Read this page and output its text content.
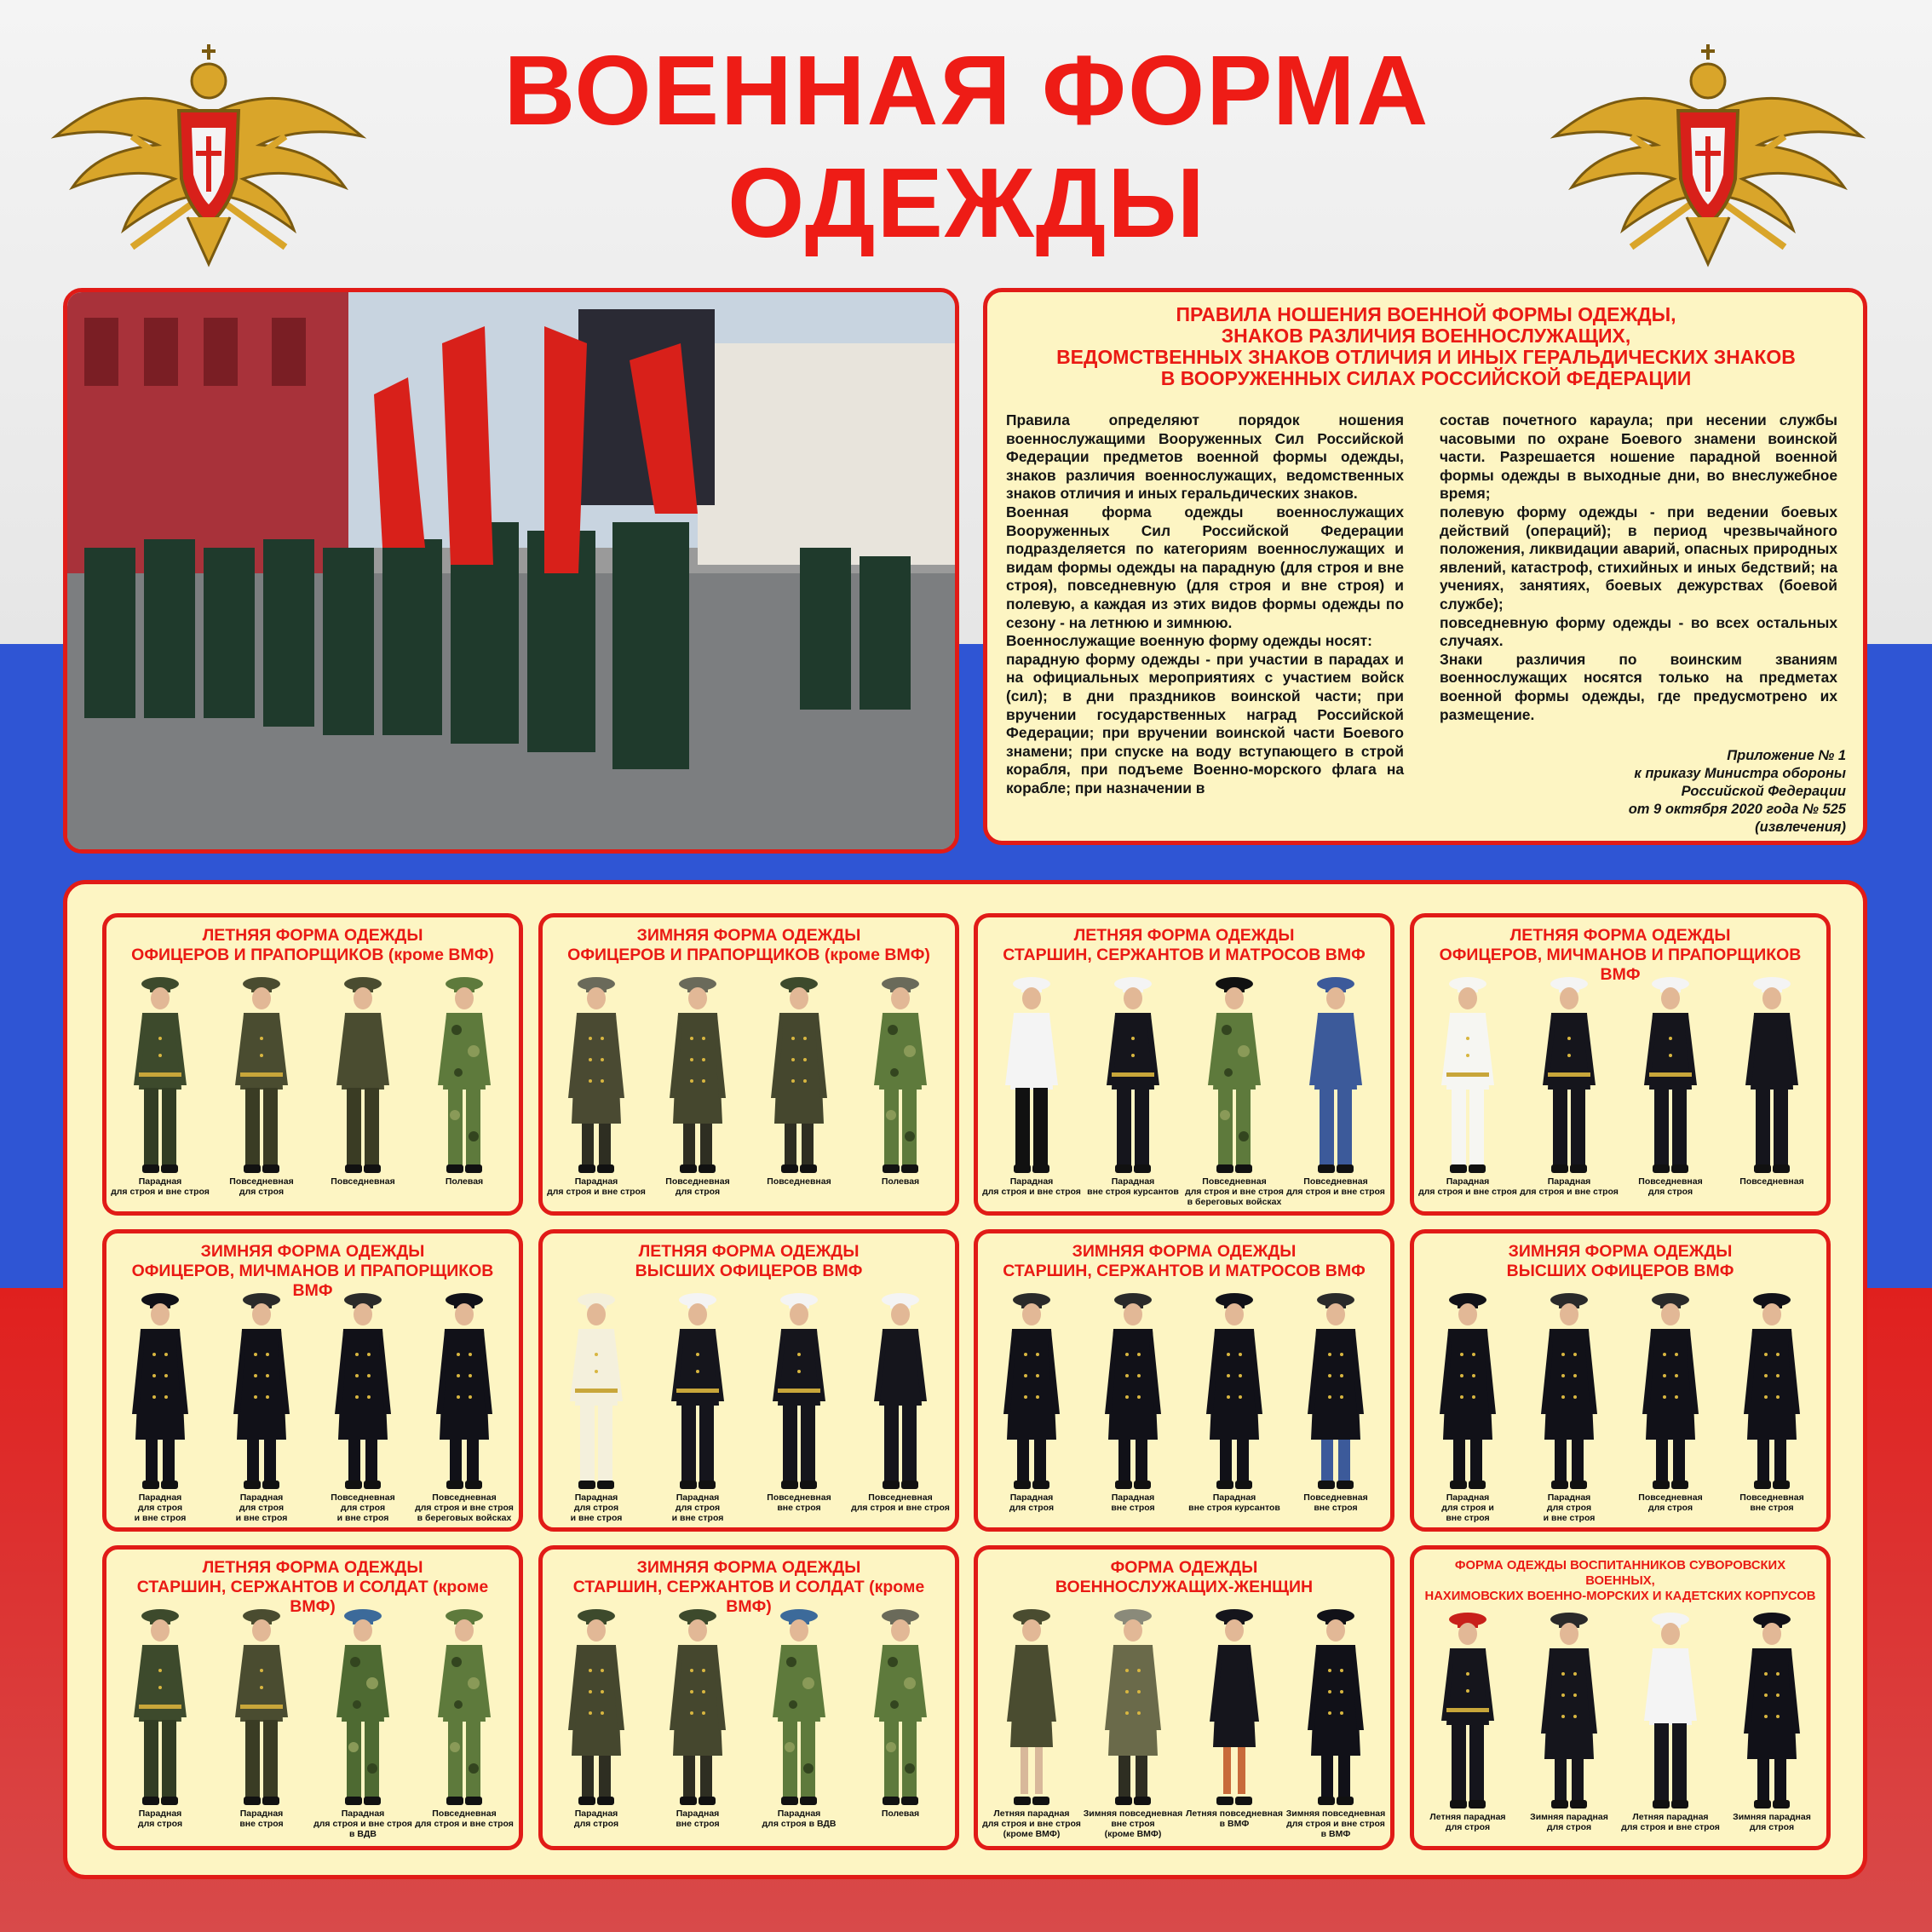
ВОЕННАЯ ФОРМА
ОДЕЖДЫ
ПРАВИЛА НОШЕНИЯ ВОЕННОЙ ФОРМЫ ОДЕЖДЫ,
ЗНАКОВ РАЗЛИЧИЯ ВОЕННОСЛУЖАЩИХ,
ВЕДОМСТВЕННЫХ ЗНАКОВ ОТЛИЧИЯ И ИНЫХ ГЕРАЛЬДИЧЕСКИХ ЗНАКОВ
В ВООРУЖЕННЫХ СИЛАХ РОССИЙСКОЙ ФЕДЕРАЦИИ

Правила определяют порядок ношения военнослужащими Вооруженных Сил Российской Федерации предметов военной формы одежды, знаков различия военнослужащих, ведомственных знаков отличия и иных геральдических знаков.

Военная форма одежды военнослужащих Вооруженных Сил Российской Федерации подразделяется по категориям военнослужащих и видам формы одежды на парадную (для строя и вне строя), повседневную (для строя и вне строя) и полевую, а каждая из этих видов формы одежды по сезону - на летнюю и зимнюю.

Военнослужащие военную форму одежды носят:

парадную форму одежды - при участии в парадах и на официальных мероприятиях с участием войск (сил); в дни праздников воинской части; при вручении государственных наград Российской Федерации; при вручении воинской части Боевого знамени; при спуске на воду вступающего в строй корабля, при подъеме Военно-морского флага на корабле; при назначении в

состав почетного караула; при несении службы часовыми по охране Боевого знамени воинской части. Разрешается ношение парадной военной формы одежды в выходные дни, во внеслужебное время;

полевую форму одежды - при ведении боевых действий (операций); в период чрезвычайного положения, ликвидации аварий, опасных природных явлений, катастроф, стихийных и иных бедствий; на учениях, занятиях, боевых дежурствах (боевой службе);

повседневную форму одежды - во всех остальных случаях.

Знаки различия по воинским званиям военнослужащих носятся только на предметах военной формы одежды, где предусмотрено их размещение.

Приложение № 1
к приказу Министра обороны
Российской Федерации
от 9 октября 2020 года № 525
(извлечения)
ЛЕТНЯЯ ФОРМА ОДЕЖДЫ
ОФИЦЕРОВ И ПРАПОРЩИКОВ (кроме ВМФ)
Парадная
для строя и вне строя
Повседневная
для строя
Повседневная	Полевая
ЗИМНЯЯ ФОРМА ОДЕЖДЫ
ОФИЦЕРОВ И ПРАПОРЩИКОВ (кроме ВМФ)
Парадная
для строя и вне строя
Повседневная
для строя
Повседневная	Полевая
ЛЕТНЯЯ ФОРМА ОДЕЖДЫ
СТАРШИН, СЕРЖАНТОВ И МАТРОСОВ ВМФ
Парадная
для строя и вне строя
Парадная
вне строя курсантов
Повседневная
для строя и вне строя
в береговых войсках
Повседневная
для строя и вне строя
ЛЕТНЯЯ ФОРМА ОДЕЖДЫ
ОФИЦЕРОВ, МИЧМАНОВ И ПРАПОРЩИКОВ ВМФ
Парадная
для строя и вне строя
Парадная
для строя и вне строя
Повседневная
для строя
Повседневная
ЗИМНЯЯ ФОРМА ОДЕЖДЫ
ОФИЦЕРОВ, МИЧМАНОВ И ПРАПОРЩИКОВ ВМФ
Парадная
для строя
и вне строя
Парадная
для строя
и вне строя
Повседневная
для строя
и вне строя
Повседневная
для строя и вне строя
в береговых войсках
ЛЕТНЯЯ ФОРМА ОДЕЖДЫ
ВЫСШИХ ОФИЦЕРОВ ВМФ
Парадная
для строя
и вне строя
Парадная
для строя
и вне строя
Повседневная
вне строя
Повседневная
для строя и вне строя
ЗИМНЯЯ ФОРМА ОДЕЖДЫ
СТАРШИН, СЕРЖАНТОВ И МАТРОСОВ ВМФ
Парадная
для строя
Парадная
вне строя
Парадная
вне строя курсантов
Повседневная
вне строя
ЗИМНЯЯ ФОРМА ОДЕЖДЫ
ВЫСШИХ ОФИЦЕРОВ ВМФ
Парадная
для строя и
вне строя
Парадная
для строя
и вне строя
Повседневная
для строя
Повседневная
вне строя
ЛЕТНЯЯ ФОРМА ОДЕЖДЫ
СТАРШИН, СЕРЖАНТОВ И СОЛДАТ (кроме ВМФ)
Парадная
для строя
Парадная
вне строя
Парадная
для строя и вне строя
в ВДВ
Повседневная
для строя и вне строя
ЗИМНЯЯ ФОРМА ОДЕЖДЫ
СТАРШИН, СЕРЖАНТОВ И СОЛДАТ (кроме ВМФ)
Парадная
для строя
Парадная
вне строя
Парадная
для строя в ВДВ
Полевая
ФОРМА ОДЕЖДЫ
ВОЕННОСЛУЖАЩИХ-ЖЕНЩИН
Летняя парадная
для строя и вне строя
(кроме ВМФ)
Зимняя повседневная
вне строя
(кроме ВМФ)
Летняя повседневная
в ВМФ
Зимняя повседневная
для строя и вне строя
в ВМФ
ФОРМА ОДЕЖДЫ ВОСПИТАННИКОВ СУВОРОВСКИХ ВОЕННЫХ,
НАХИМОВСКИХ ВОЕННО-МОРСКИХ И КАДЕТСКИХ КОРПУСОВ
Летняя парадная
для строя
Зимняя парадная
для строя
Летняя парадная
для строя и вне строя
Зимняя парадная
для строя
